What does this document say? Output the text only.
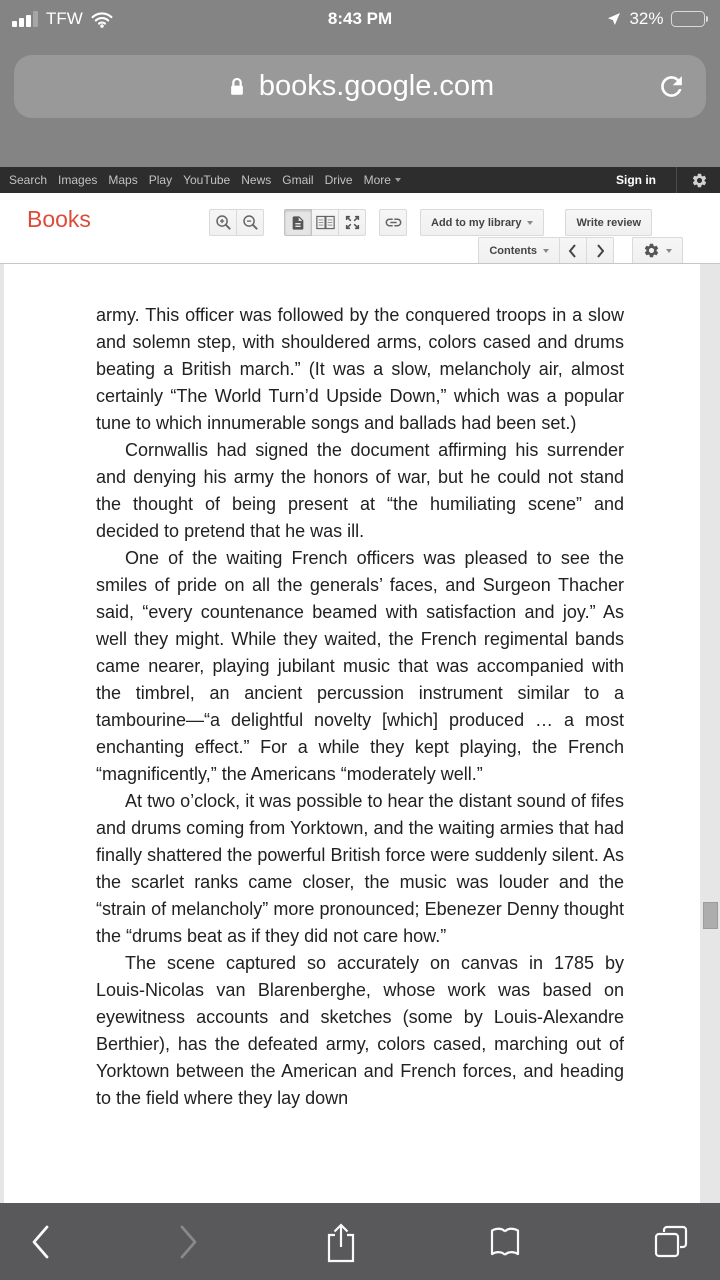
TFW	8:43 PM	32%
books.google.com
Search Images Maps Play YouTube News Gmail Drive More	Sign in
Books	Add to my library	Write review
Contents

army. This officer was followed by the conquered troops in a slow and solemn step, with shouldered arms, colors cased and drums beating a British march.” (It was a slow, melancholy air, almost certainly “The World Turn’d Upside Down,” which was a popular tune to which innumerable songs and ballads had been set.)

Cornwallis had signed the document affirming his surrender and denying his army the honors of war, but he could not stand the thought of being present at “the humiliating scene” and decided to pretend that he was ill.

One of the waiting French officers was pleased to see the smiles of pride on all the generals’ faces, and Surgeon Thacher said, “every countenance beamed with satisfaction and joy.” As well they might. While they waited, the French regimental bands came nearer, playing jubilant music that was accompanied with the timbrel, an ancient percussion instrument similar to a tambourine—“a delightful novelty [which] produced … a most enchanting effect.” For a while they kept playing, the French “magnificently,” the Americans “moderately well.”

At two o’clock, it was possible to hear the distant sound of fifes and drums coming from Yorktown, and the waiting armies that had finally shattered the powerful British force were suddenly silent. As the scarlet ranks came closer, the music was louder and the “strain of melancholy” more pronounced; Ebenezer Denny thought the “drums beat as if they did not care how.”

The scene captured so accurately on canvas in 1785 by Louis-Nicolas van Blarenberghe, whose work was based on eyewitness accounts and sketches (some by Louis-Alexandre Berthier), has the defeated army, colors cased, marching out of Yorktown between the American and French forces, and heading to the field where they lay down
